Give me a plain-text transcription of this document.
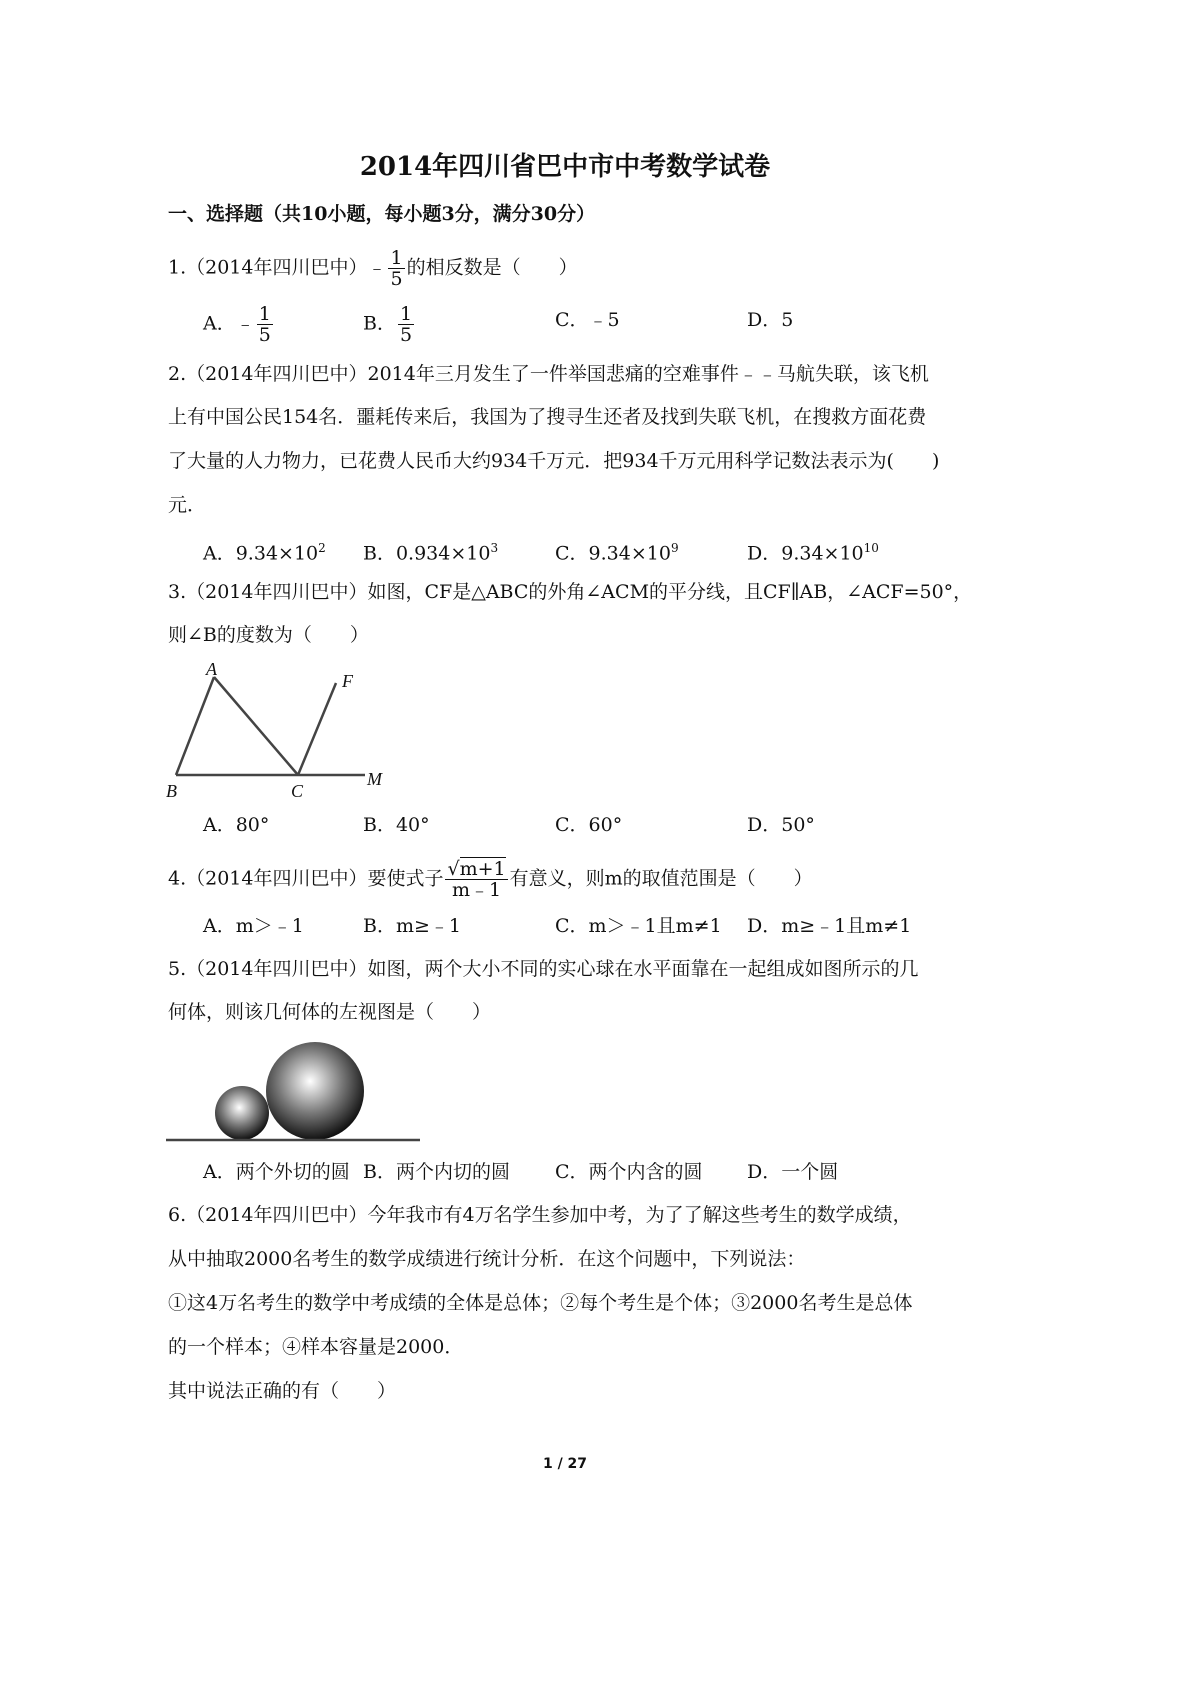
2014年四川省巴中市中考数学试卷
一、选择题（共10小题，每小题3分，满分30分）
1.（2014年四川巴中）﹣ $\frac{1}{5}$ 的相反数是（　　）
A．﹣ $\frac{1}{5}$	B． $\frac{1}{5}$	C．﹣5	D．5
2.（2014年四川巴中）2014年三月发生了一件举国悲痛的空难事件﹣﹣马航失联，该飞机
上有中国公民154名．噩耗传来后，我国为了搜寻生还者及找到失联飞机，在搜救方面花费
了大量的人力物力，已花费人民币大约934千万元．把934千万元用科学记数法表示为(　　)
元．
A．$9.34\times 10^2$ B．$0.934\times 10^3$	C．$9.34\times 10^9$	D．$9.34\times 10^{10}$
3.（2014年四川巴中）如图，CF是△ABC的外角∠ACM的平分线，且CF∥AB，∠ACF=50°，
则∠B的度数为（　　）
A
B	C
F
M
A．80°	B．40°	C．60°	D．50°
4.（2014年四川巴中）要使式子 $\frac{√m+1}{m﹣1}$ 有意义，则m的取值范围是（　　）
A．m＞﹣1	B．m≥﹣1	C．m＞﹣1且m≠1 D．m≥﹣1且m≠1
5.（2014年四川巴中）如图，两个大小不同的实心球在水平面靠在一起组成如图所示的几
何体，则该几何体的左视图是（　　）
A．两个外切的圆 B．两个内切的圆 C．两个内含的圆 D．一个圆
6.（2014年四川巴中）今年我市有4万名学生参加中考，为了了解这些考生的数学成绩，
从中抽取2000名考生的数学成绩进行统计分析．在这个问题中，下列说法：
①这4万名考生的数学中考成绩的全体是总体；②每个考生是个体；③2000名考生是总体
的一个样本；④样本容量是2000．
其中说法正确的有（　　）
1 / 27
